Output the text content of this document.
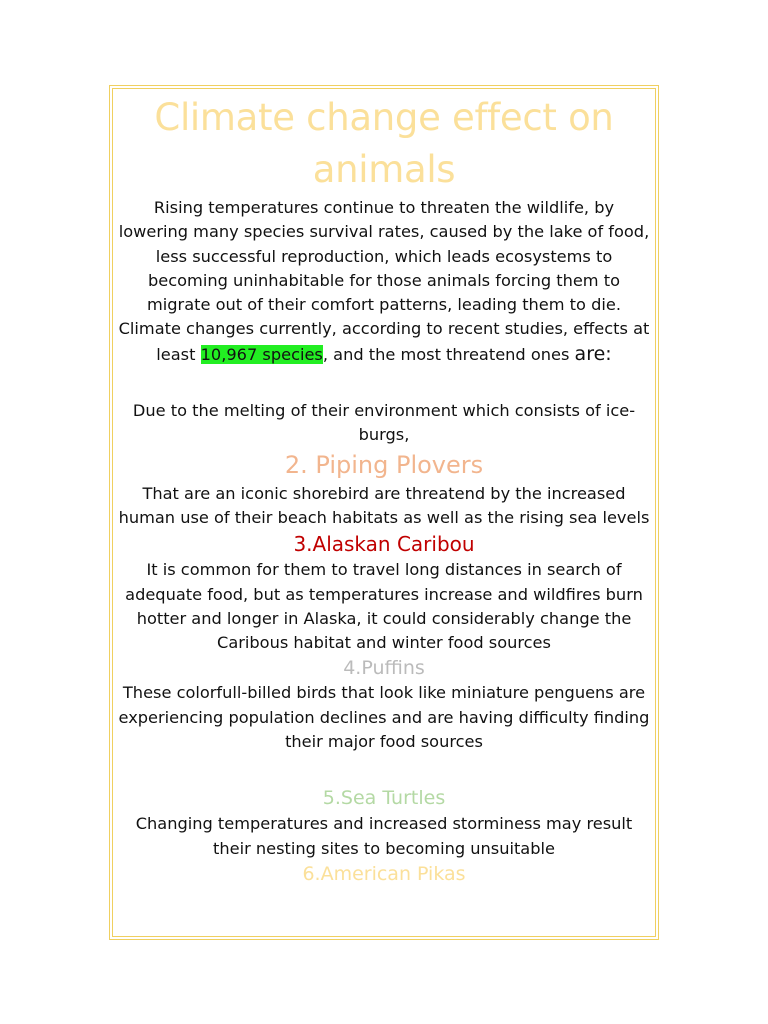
Climate change effect on animals

Rising temperatures continue to threaten the wildlife, by lowering many species survival rates, caused by the lake of food, less successful reproduction, which leads ecosystems to becoming uninhabitable for those animals forcing them to migrate out of their comfort patterns, leading them to die. Climate changes currently, according to recent studies, effects at least 10,967 species, and the most threatend ones are:

Due to the melting of their environment which consists of ice-burgs,

2. Piping Plovers

That are an iconic shorebird are threatend by the increased human use of their beach habitats as well as the rising sea levels

3.Alaskan Caribou

It is common for them to travel long distances in search of adequate food, but as temperatures increase and wildfires burn hotter and longer in Alaska, it could considerably change the Caribous habitat and winter food sources

4.Puffins

These colorfull-billed birds that look like miniature penguens are experiencing population declines and are having difficulty finding their major food sources

5.Sea Turtles

Changing temperatures and increased storminess may result their nesting sites to becoming unsuitable

6.American Pikas
